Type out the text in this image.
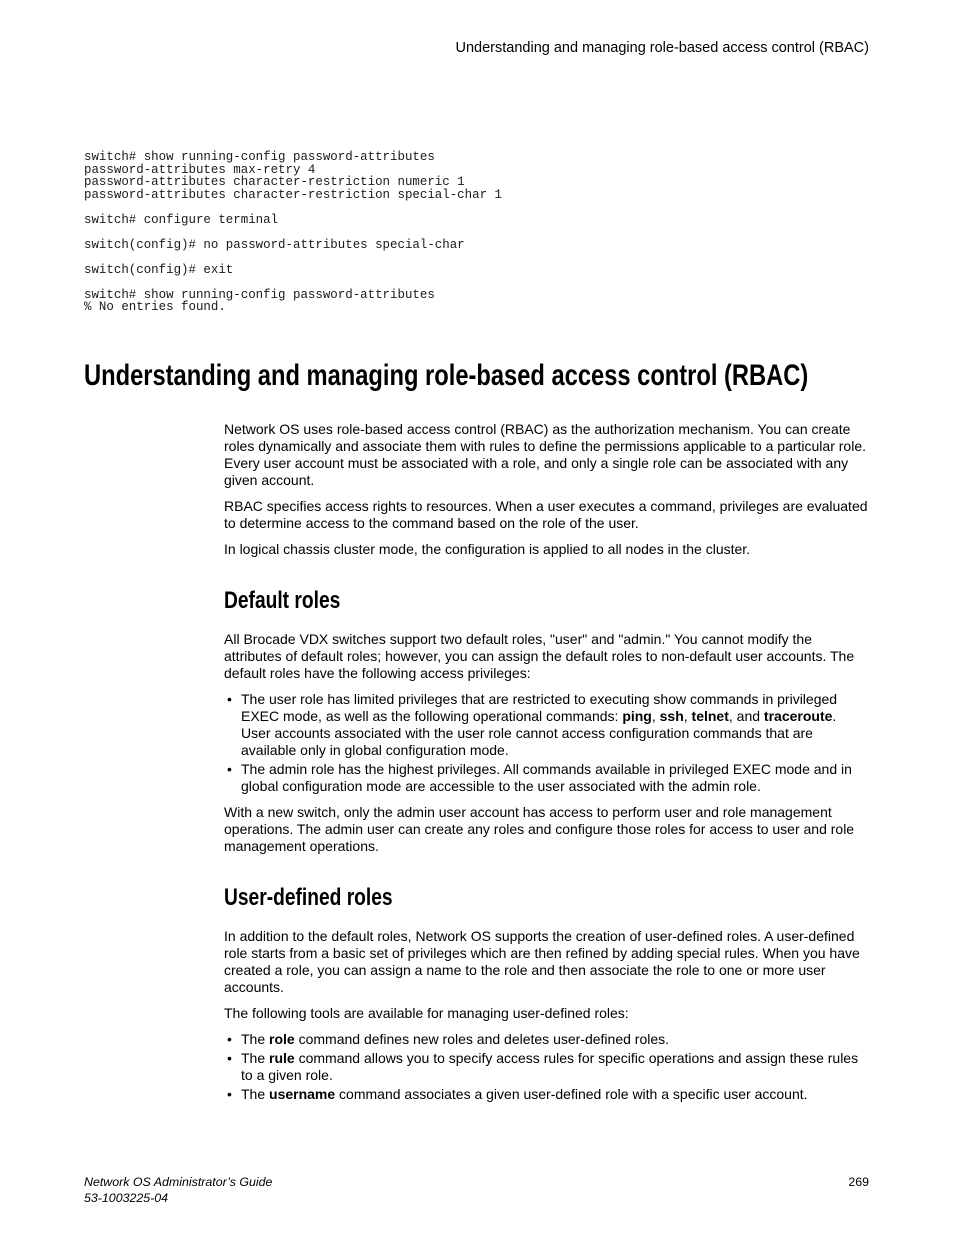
Understanding and managing role-based access control (RBAC)
switch# show running-config password-attributes
password-attributes max-retry 4
password-attributes character-restriction numeric 1
password-attributes character-restriction special-char 1

switch# configure terminal

switch(config)# no password-attributes special-char

switch(config)# exit

switch# show running-config password-attributes
% No entries found.
Understanding and managing role-based access control (RBAC)

Network OS uses role-based access control (RBAC) as the authorization mechanism. You can create
roles dynamically and associate them with rules to define the permissions applicable to a particular role.
Every user account must be associated with a role, and only a single role can be associated with any
given account.

RBAC specifies access rights to resources. When a user executes a command, privileges are evaluated
to determine access to the command based on the role of the user.

In logical chassis cluster mode, the configuration is applied to all nodes in the cluster.

Default roles

All Brocade VDX switches support two default roles, "user" and "admin." You cannot modify the
attributes of default roles; however, you can assign the default roles to non-default user accounts. The
default roles have the following access privileges:

• The user role has limited privileges that are restricted to executing show commands in privileged
EXEC mode, as well as the following operational commands: ping, ssh, telnet, and traceroute.
User accounts associated with the user role cannot access configuration commands that are
available only in global configuration mode.
• The admin role has the highest privileges. All commands available in privileged EXEC mode and in
global configuration mode are accessible to the user associated with the admin role.

With a new switch, only the admin user account has access to perform user and role management
operations. The admin user can create any roles and configure those roles for access to user and role
management operations.

User-defined roles

In addition to the default roles, Network OS supports the creation of user-defined roles. A user-defined
role starts from a basic set of privileges which are then refined by adding special rules. When you have
created a role, you can assign a name to the role and then associate the role to one or more user
accounts.

The following tools are available for managing user-defined roles:

• The role command defines new roles and deletes user-defined roles.
• The rule command allows you to specify access rules for specific operations and assign these rules
to a given role.
• The username command associates a given user-defined role with a specific user account.
Network OS Administrator’s Guide
53-1003225-04
269
